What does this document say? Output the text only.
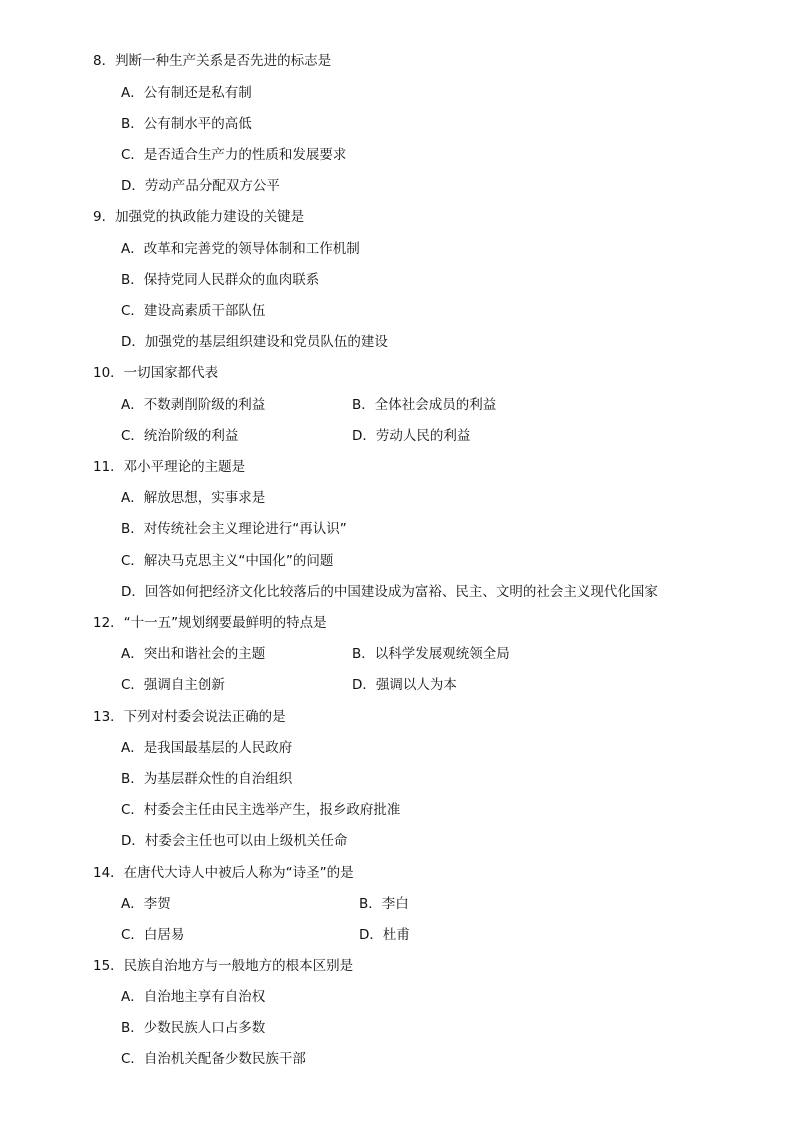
8．判断一种生产关系是否先进的标志是
A．公有制还是私有制
B．公有制水平的高低
C．是否适合生产力的性质和发展要求
D．劳动产品分配双方公平
9．加强党的执政能力建设的关键是
A．改革和完善党的领导体制和工作机制
B．保持党同人民群众的血肉联系
C．建设高素质干部队伍
D．加强党的基层组织建设和党员队伍的建设
10．一切国家都代表
A．不数剥削阶级的利益	B．全体社会成员的利益
C．统治阶级的利益	D．劳动人民的利益
11．邓小平理论的主题是
A．解放思想，实事求是
B．对传统社会主义理论进行“再认识”
C．解决马克思主义“中国化”的问题
D．回答如何把经济文化比较落后的中国建设成为富裕、民主、文明的社会主义现代化国家
12．“十一五”规划纲要最鲜明的特点是
A．突出和谐社会的主题	B．以科学发展观统领全局
C．强调自主创新	D．强调以人为本
13．下列对村委会说法正确的是
A．是我国最基层的人民政府
B．为基层群众性的自治组织
C．村委会主任由民主选举产生，报乡政府批准
D．村委会主任也可以由上级机关任命
14．在唐代大诗人中被后人称为“诗圣”的是
A．李贺	B．李白
C．白居易	D．杜甫
15．民族自治地方与一般地方的根本区别是
A．自治地主享有自治权
B．少数民族人口占多数
C．自治机关配备少数民族干部
